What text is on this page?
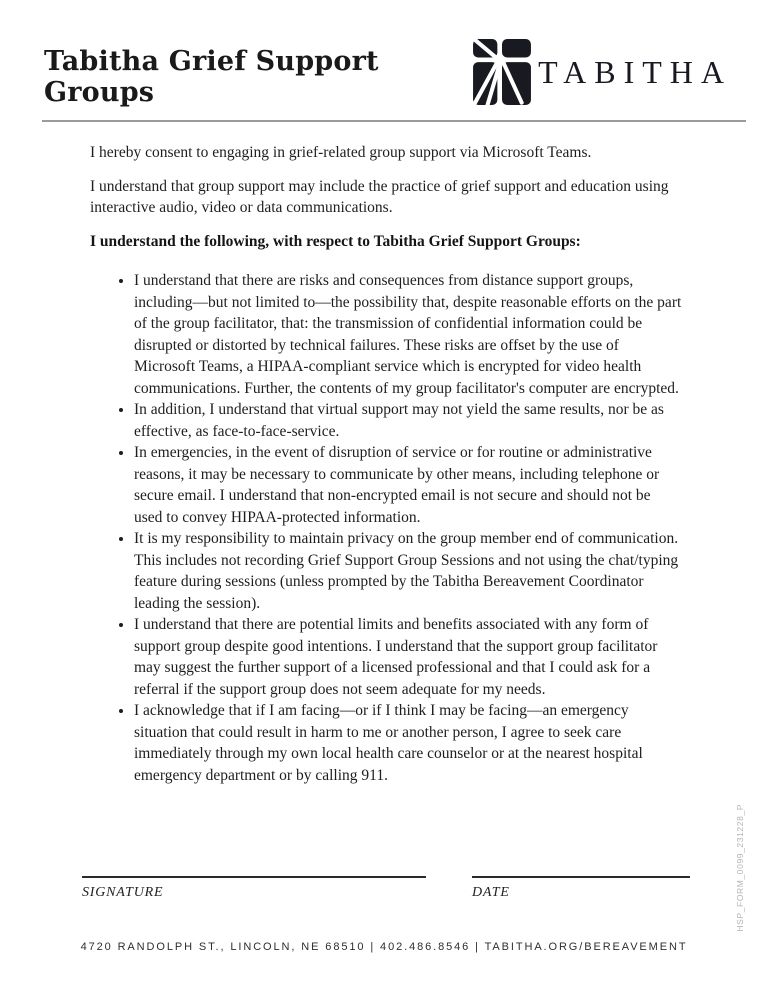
Tabitha Grief Support Groups
TABITHA

I hereby consent to engaging in grief-related group support via Microsoft Teams.

I understand that group support may include the practice of grief support and education using interactive audio, video or data communications.

I understand the following, with respect to Tabitha Grief Support Groups:

• I understand that there are risks and consequences from distance support groups, including—but not limited to—the possibility that, despite reasonable efforts on the part of the group facilitator, that: the transmission of confidential information could be disrupted or distorted by technical failures. These risks are offset by the use of Microsoft Teams, a HIPAA-compliant service which is encrypted for video health communications. Further, the contents of my group facilitator's computer are encrypted.
• In addition, I understand that virtual support may not yield the same results, nor be as effective, as face-to-face-service.
• In emergencies, in the event of disruption of service or for routine or administrative reasons, it may be necessary to communicate by other means, including telephone or secure email. I understand that non-encrypted email is not secure and should not be used to convey HIPAA-protected information.
• It is my responsibility to maintain privacy on the group member end of communication. This includes not recording Grief Support Group Sessions and not using the chat/typing feature during sessions (unless prompted by the Tabitha Bereavement Coordinator leading the session).
• I understand that there are potential limits and benefits associated with any form of support group despite good intentions. I understand that the support group facilitator may suggest the further support of a licensed professional and that I could ask for a referral if the support group does not seem adequate for my needs.
• I acknowledge that if I am facing—or if I think I may be facing—an emergency situation that could result in harm to me or another person, I agree to seek care immediately through my own local health care counselor or at the nearest hospital emergency department or by calling 911.
SIGNATURE	DATE
4720 RANDOLPH ST., LINCOLN, NE 68510 | 402.486.8546 | TABITHA.ORG/BEREAVEMENT
HSP_FORM_0099_231228_P
